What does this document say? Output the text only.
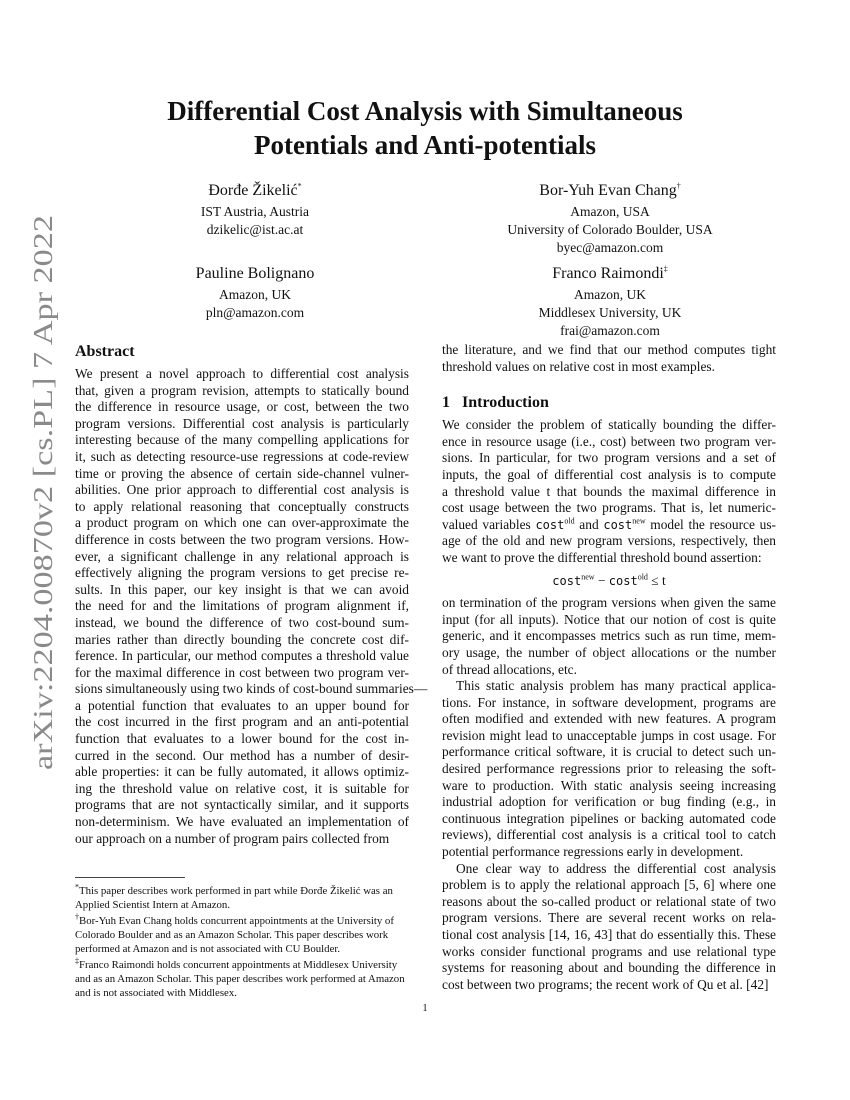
arXiv:2204.00870v2 [cs.PL] 7 Apr 2022
Differential Cost Analysis with Simultaneous
Potentials and Anti-potentials
Đorđe Žikelić*
IST Austria, Austria
dzikelic@ist.ac.at
Bor-Yuh Evan Chang†
Amazon, USA
University of Colorado Boulder, USA
byec@amazon.com
Pauline Bolignano
Amazon, UK
pln@amazon.com
Franco Raimondi‡
Amazon, UK
Middlesex University, UK
frai@amazon.com
Abstract
We present a novel approach to differential cost analysis
that, given a program revision, attempts to statically bound
the difference in resource usage, or cost, between the two
program versions. Differential cost analysis is particularly
interesting because of the many compelling applications for
it, such as detecting resource-use regressions at code-review
time or proving the absence of certain side-channel vulner-
abilities. One prior approach to differential cost analysis is
to apply relational reasoning that conceptually constructs
a product program on which one can over-approximate the
difference in costs between the two program versions. How-
ever, a significant challenge in any relational approach is
effectively aligning the program versions to get precise re-
sults. In this paper, our key insight is that we can avoid
the need for and the limitations of program alignment if,
instead, we bound the difference of two cost-bound sum-
maries rather than directly bounding the concrete cost dif-
ference. In particular, our method computes a threshold value
for the maximal difference in cost between two program ver-
sions simultaneously using two kinds of cost-bound summaries—
a potential function that evaluates to an upper bound for
the cost incurred in the first program and an anti-potential
function that evaluates to a lower bound for the cost in-
curred in the second. Our method has a number of desir-
able properties: it can be fully automated, it allows optimiz-
ing the threshold value on relative cost, it is suitable for
programs that are not syntactically similar, and it supports
non-determinism. We have evaluated an implementation of
our approach on a number of program pairs collected from
the literature, and we find that our method computes tight
threshold values on relative cost in most examples.
1 Introduction
We consider the problem of statically bounding the differ-
ence in resource usage (i.e., cost) between two program ver-
sions. In particular, for two program versions and a set of
inputs, the goal of differential cost analysis is to compute
a threshold value t that bounds the maximal difference in
cost usage between the two programs. That is, let numeric-
valued variables cost$^{old}$ and cost$^{new}$ model the resource us-
age of the old and new program versions, respectively, then
we want to prove the differential threshold bound assertion:
cost$^{new}$ − cost$^{old}$ ≤ t
on termination of the program versions when given the same
input (for all inputs). Notice that our notion of cost is quite
generic, and it encompasses metrics such as run time, mem-
ory usage, the number of object allocations or the number
of thread allocations, etc.
This static analysis problem has many practical applica-
tions. For instance, in software development, programs are
often modified and extended with new features. A program
revision might lead to unacceptable jumps in cost usage. For
performance critical software, it is crucial to detect such un-
desired performance regressions prior to releasing the soft-
ware to production. With static analysis seeing increasing
industrial adoption for verification or bug finding (e.g., in
continuous integration pipelines or backing automated code
reviews), differential cost analysis is a critical tool to catch
potential performance regressions early in development.
One clear way to address the differential cost analysis
problem is to apply the relational approach [5, 6] where one
reasons about the so-called product or relational state of two
program versions. There are several recent works on rela-
tional cost analysis [14, 16, 43] that do essentially this. These
works consider functional programs and use relational type
systems for reasoning about and bounding the difference in
cost between two programs; the recent work of Qu et al. [42]
*This paper describes work performed in part while Đorđe Žikelić was an Applied Scientist Intern at Amazon.
†Bor-Yuh Evan Chang holds concurrent appointments at the University of Colorado Boulder and as an Amazon Scholar. This paper describes work performed at Amazon and is not associated with CU Boulder.
‡Franco Raimondi holds concurrent appointments at Middlesex University and as an Amazon Scholar. This paper describes work performed at Amazon and is not associated with Middlesex.
1
